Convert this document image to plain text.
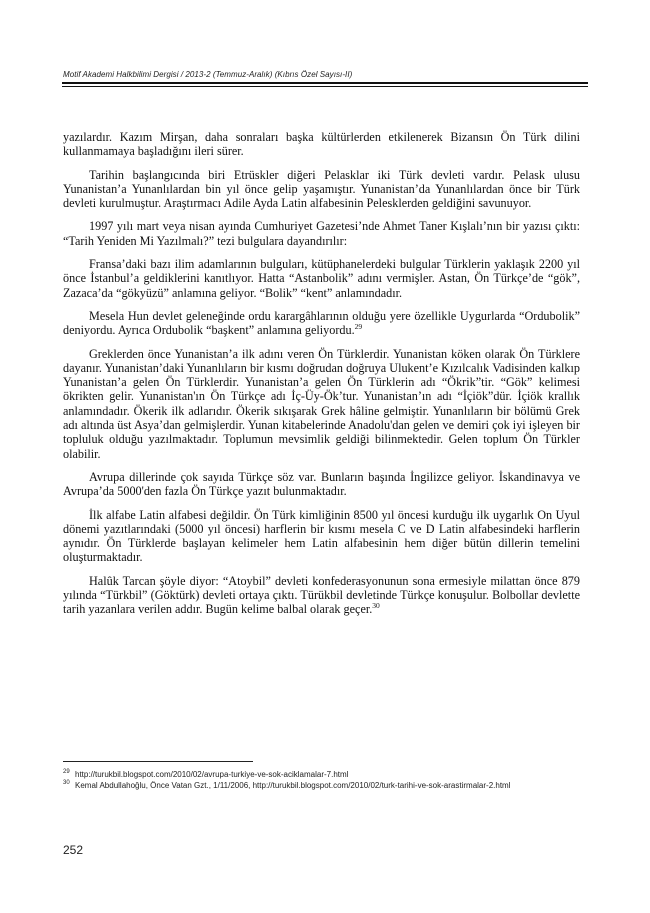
Motif Akademi Halkbilimi Dergisi / 2013-2 (Temmuz-Aralık) (Kıbrıs Özel Sayısı-II)

yazılardır. Kazım Mirşan, daha sonraları başka kültürlerden etkilenerek Bizansın Ön Türk dilini kullanmamaya başladığını ileri sürer.

Tarihin başlangıcında biri Etrüskler diğeri Pelasklar iki Türk devleti vardır. Pelask ulusu Yunanistan’a Yunanlılardan bin yıl önce gelip yaşamıştır. Yunanistan’da Yunanlılardan önce bir Türk devleti kurulmuştur. Araştırmacı Adile Ayda Latin alfabesinin Pelesklerden geldiğini savunuyor.

1997 yılı mart veya nisan ayında Cumhuriyet Gazetesi’nde Ahmet Taner Kışlalı’nın bir yazısı çıktı: “Tarih Yeniden Mi Yazılmalı?” tezi bulgulara dayandırılır:

Fransa’daki bazı ilim adamlarının bulguları, kütüphanelerdeki bulgular Türklerin yaklaşık 2200 yıl önce İstanbul’a geldiklerini kanıtlıyor. Hatta “Astanbolik” adını vermişler. Astan, Ön Türkçe’de “gök”, Zazaca’da “gökyüzü” anlamına geliyor. “Bolik” “kent” anlamındadır.

Mesela Hun devlet geleneğinde ordu karargâhlarının olduğu yere özellikle Uygurlarda “Ordubolik” deniyordu. Ayrıca Ordubolik “başkent” anlamına geliyordu.$^{29}$

Greklerden önce Yunanistan’a ilk adını veren Ön Türklerdir. Yunanistan köken olarak Ön Türklere dayanır. Yunanistan’daki Yunanlıların bir kısmı doğrudan doğruya Ulukent’e Kızılcalık Vadisinden kalkıp Yunanistan’a gelen Ön Türklerdir. Yunanistan’a gelen Ön Türklerin adı “Ökrik”tir. “Gök” kelimesi ökrikten gelir. Yunanistan'ın Ön Türkçe adı İç-Üy-Ök’tur. Yunanistan’ın adı “İçiök”dür. İçiök krallık anlamındadır. Ökerik ilk adlarıdır. Ökerik sıkışarak Grek hâline gelmiştir. Yunanlıların bir bölümü Grek adı altında üst Asya’dan gelmişlerdir. Yunan kitabelerinde Anadolu'dan gelen ve demiri çok iyi işleyen bir topluluk olduğu yazılmaktadır. Toplumun mevsimlik geldiği bilinmektedir. Gelen toplum Ön Türkler olabilir.

Avrupa dillerinde çok sayıda Türkçe söz var. Bunların başında İngilizce geliyor. İskandinavya ve Avrupa’da 5000'den fazla Ön Türkçe yazıt bulunmaktadır.

İlk alfabe Latin alfabesi değildir. Ön Türk kimliğinin 8500 yıl öncesi kurduğu ilk uygarlık On Uyul dönemi yazıtlarındaki (5000 yıl öncesi) harflerin bir kısmı mesela C ve D Latin alfabesindeki harflerin aynıdır. Ön Türklerde başlayan kelimeler hem Latin alfabesinin hem diğer bütün dillerin temelini oluşturmaktadır.

Halûk Tarcan şöyle diyor: “Atoybil” devleti konfederasyonunun sona ermesiyle milattan önce 879 yılında “Türkbil” (Göktürk) devleti ortaya çıktı. Türükbil devletinde Türkçe konuşulur. Bolbollar devlette tarih yazanlara verilen addır. Bugün kelime balbal olarak geçer.$^{30}$

29 http://turukbil.blogspot.com/2010/02/avrupa-turkiye-ve-sok-aciklamalar-7.html
30 Kemal Abdullahoğlu, Önce Vatan Gzt., 1/11/2006, http://turukbil.blogspot.com/2010/02/turk-tarihi-ve-sok-arastirmalar-2.html
252
